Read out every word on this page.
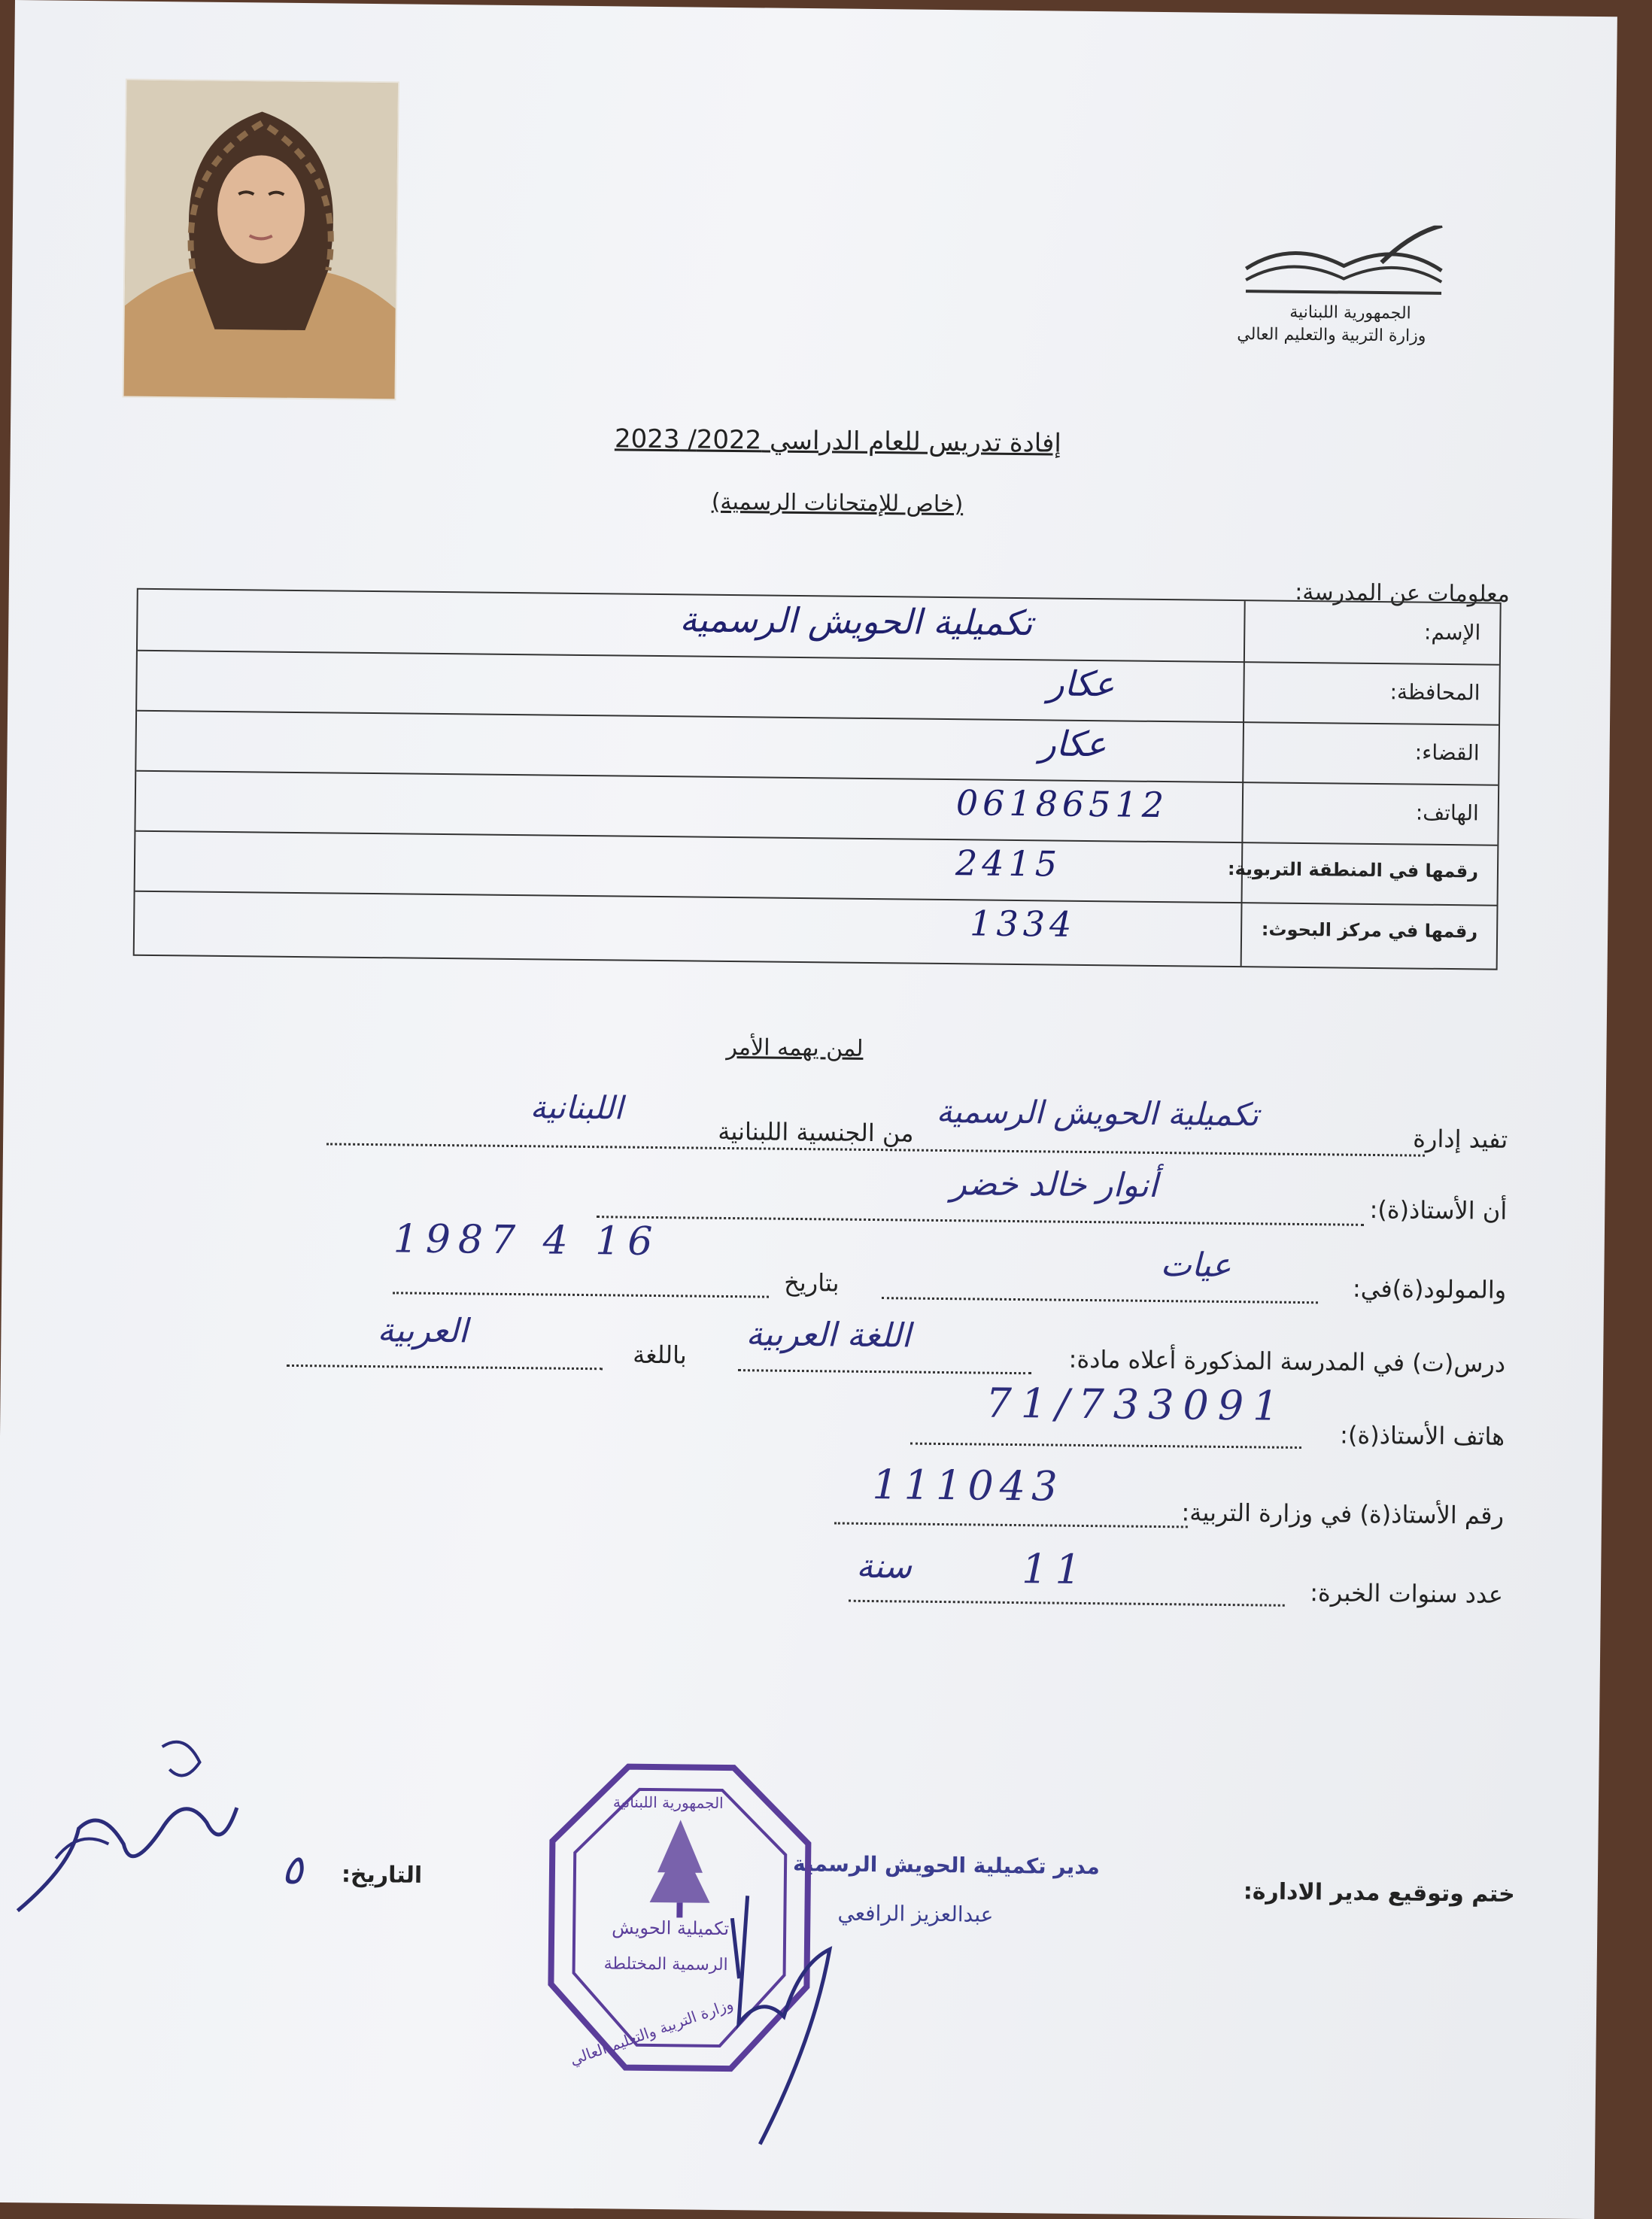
الجمهورية اللبنانية
وزارة التربية والتعليم العالي
إفادة تدريس للعام الدراسي 2022/ 2023
(خاص للإمتحانات الرسمية)
معلومات عن المدرسة:
الإسم:
تكميلية الحويش الرسمية
المحافظة:
عكار
القضاء:
عكار
الهاتف:
06186512
رقمها في المنطقة التربوية:
2415
رقمها في مركز البحوث:
1334
لمن يهمه الأمر
تفيد إدارة
تكميلية الحويش الرسمية
من الجنسية اللبنانية
اللبنانية
أن الأستاذ(ة):
أنوار خالد خضر
والمولود(ة)في:
عيات
بتاريخ
16 4 1987
درس(ت) في المدرسة المذكورة أعلاه مادة:
اللغة العربية
باللغة
العربية
هاتف الأستاذ(ة):
71/733091
رقم الأستاذ(ة) في وزارة التربية:
111043
عدد سنوات الخبرة:
11
سنة
ختم وتوقيع مدير الادارة:
مدير تكميلية الحويش الرسمية
عبدالعزيز الرافعي
التاريخ:
٥
تكميلية الحويش
الرسمية المختلطة
وزارة التربية والتعليم العالي
الجمهورية اللبنانية
